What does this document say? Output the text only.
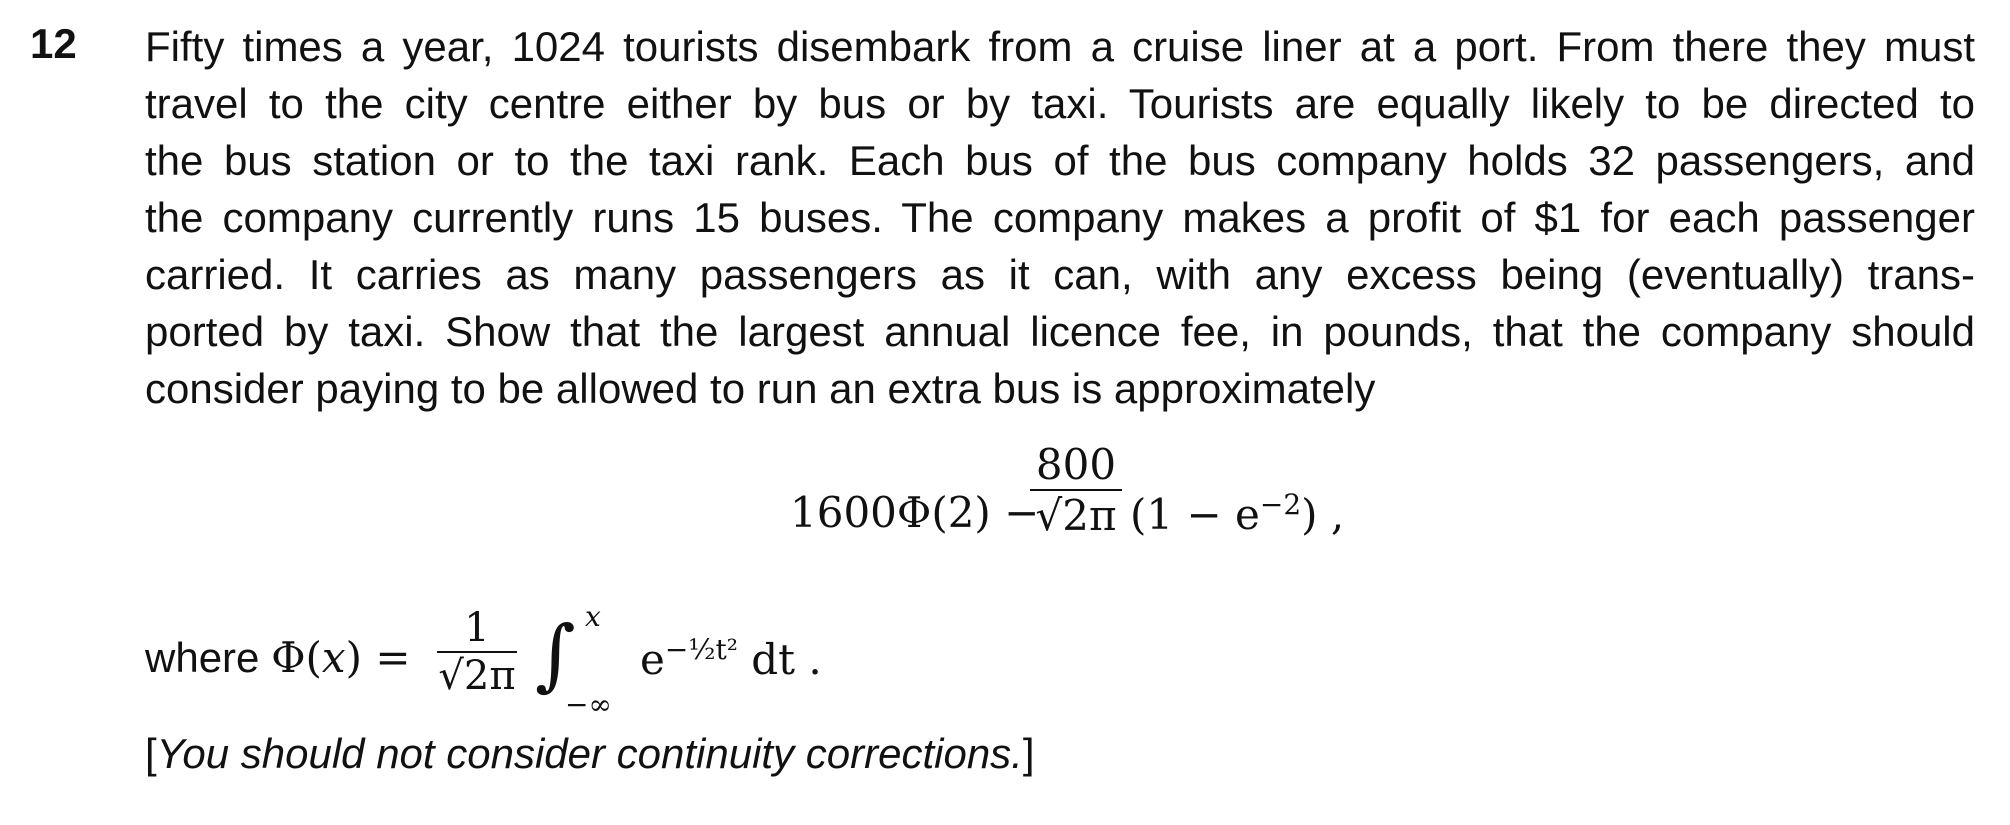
12 Fifty times a year, 1024 tourists disembark from a cruise liner at a port. From there they must
travel to the city centre either by bus or by taxi. Tourists are equally likely to be directed to
the bus station or to the taxi rank. Each bus of the bus company holds 32 passengers, and
the company currently runs 15 buses. The company makes a profit of $1 for each passenger
carried. It carries as many passengers as it can, with any excess being (eventually) trans-
ported by taxi. Show that the largest annual licence fee, in pounds, that the company should
consider paying to be allowed to run an extra bus is approximately
1600Φ(2) −
800
√2π $(1 - e^{-2})$ ,
where Φ(x) =
1
√2π ∫ x
−∞
$e^{-\frac{1}{2}t^2}$ dt .
[You should not consider continuity corrections.]
